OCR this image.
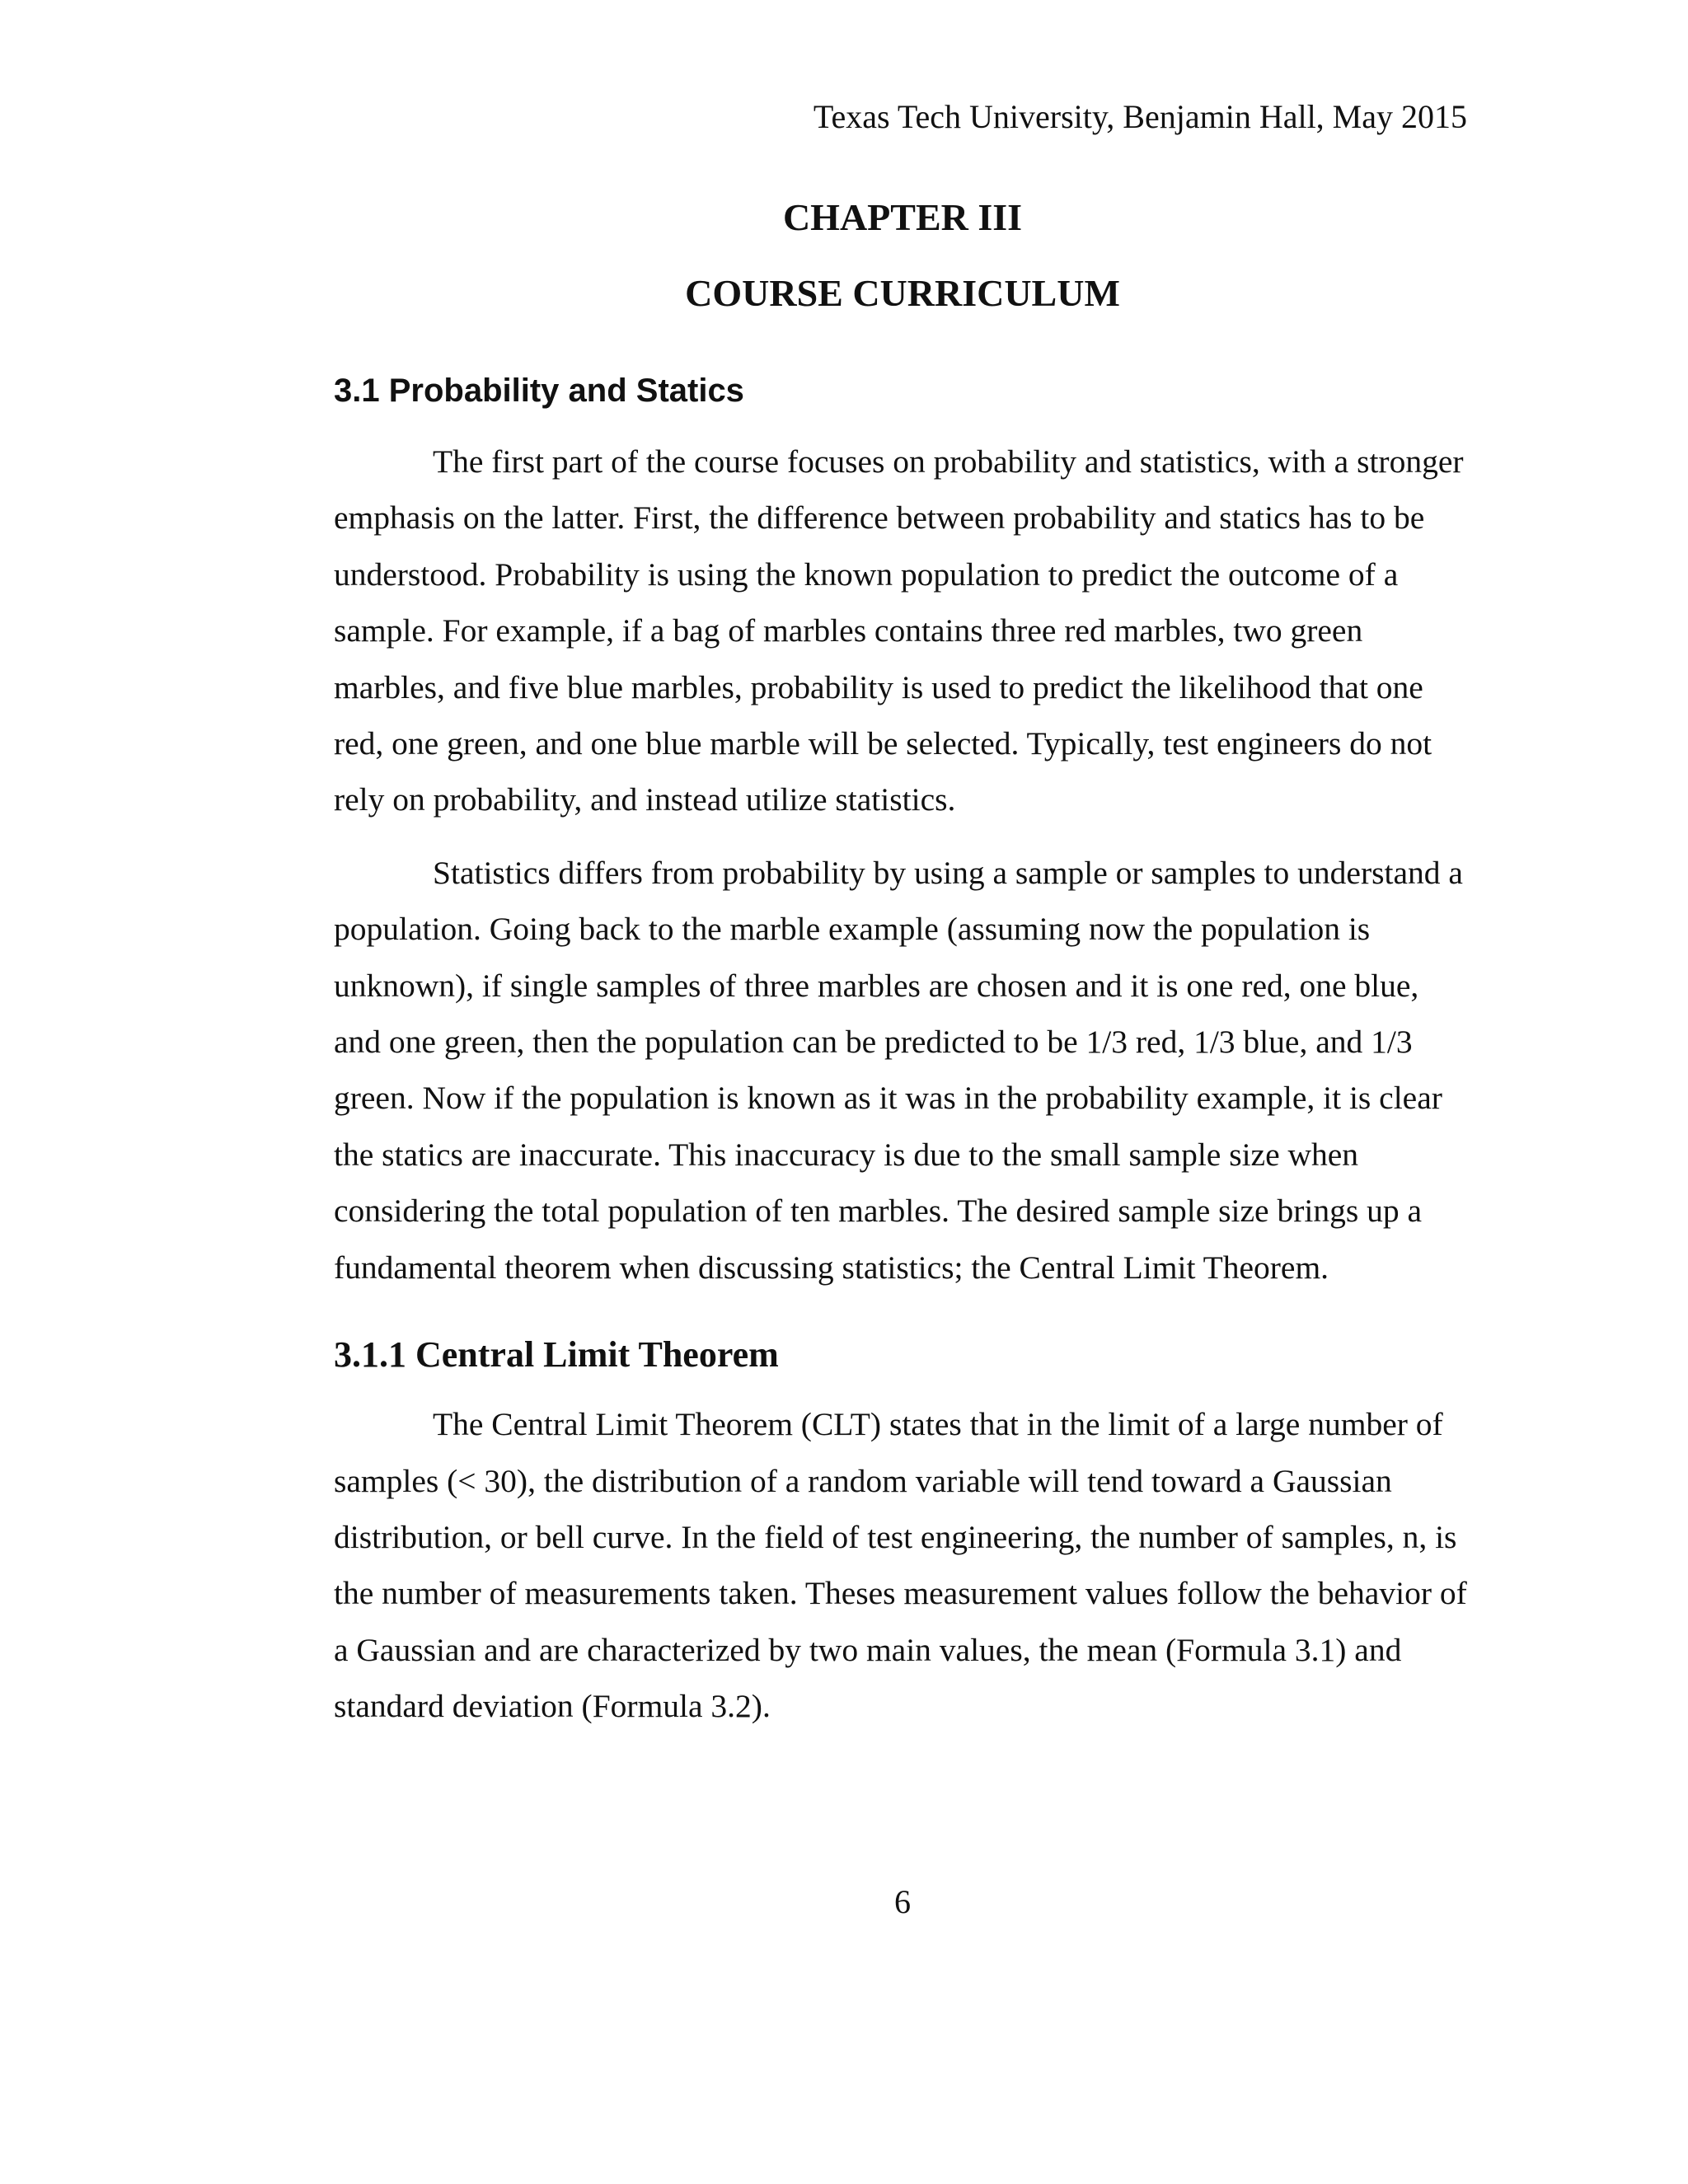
Texas Tech University, Benjamin Hall, May 2015

CHAPTER III
COURSE CURRICULUM
3.1 Probability and Statics

The first part of the course focuses on probability and statistics, with a stronger emphasis on the latter. First, the difference between probability and statics has to be understood. Probability is using the known population to predict the outcome of a sample. For example, if a bag of marbles contains three red marbles, two green marbles, and five blue marbles, probability is used to predict the likelihood that one red, one green, and one blue marble will be selected. Typically, test engineers do not rely on probability, and instead utilize statistics.

Statistics differs from probability by using a sample or samples to understand a population. Going back to the marble example (assuming now the population is unknown), if single samples of three marbles are chosen and it is one red, one blue, and one green, then the population can be predicted to be 1/3 red, 1/3 blue, and 1/3 green. Now if the population is known as it was in the probability example, it is clear the statics are inaccurate. This inaccuracy is due to the small sample size when considering the total population of ten marbles. The desired sample size brings up a fundamental theorem when discussing statistics; the Central Limit Theorem.

3.1.1 Central Limit Theorem

The Central Limit Theorem (CLT) states that in the limit of a large number of samples (< 30), the distribution of a random variable will tend toward a Gaussian distribution, or bell curve. In the field of test engineering, the number of samples, n, is the number of measurements taken. Theses measurement values follow the behavior of a Gaussian and are characterized by two main values, the mean (Formula 3.1) and standard deviation (Formula 3.2).

6
